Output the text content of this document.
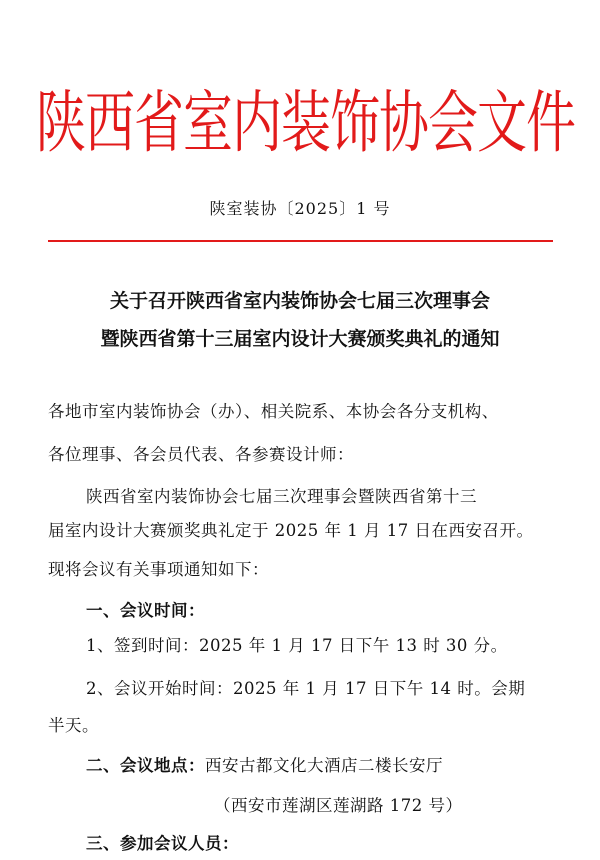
陕西省室内装饰协会文件
陕室装协〔2025〕1 号
关于召开陕西省室内装饰协会七届三次理事会
暨陕西省第十三届室内设计大赛颁奖典礼的通知
各地市室内装饰协会（办）、相关院系、本协会各分支机构、
各位理事、各会员代表、各参赛设计师：
陕西省室内装饰协会七届三次理事会暨陕西省第十三
届室内设计大赛颁奖典礼定于 2025 年 1 月 17 日在西安召开。
现将会议有关事项通知如下：
一、会议时间：
1、签到时间：2025 年 1 月 17 日下午 13 时 30 分。
2、会议开始时间：2025 年 1 月 17 日下午 14 时。会期
半天。
二、会议地点：西安古都文化大酒店二楼长安厅
（西安市莲湖区莲湖路 172 号）
三、参加会议人员：
